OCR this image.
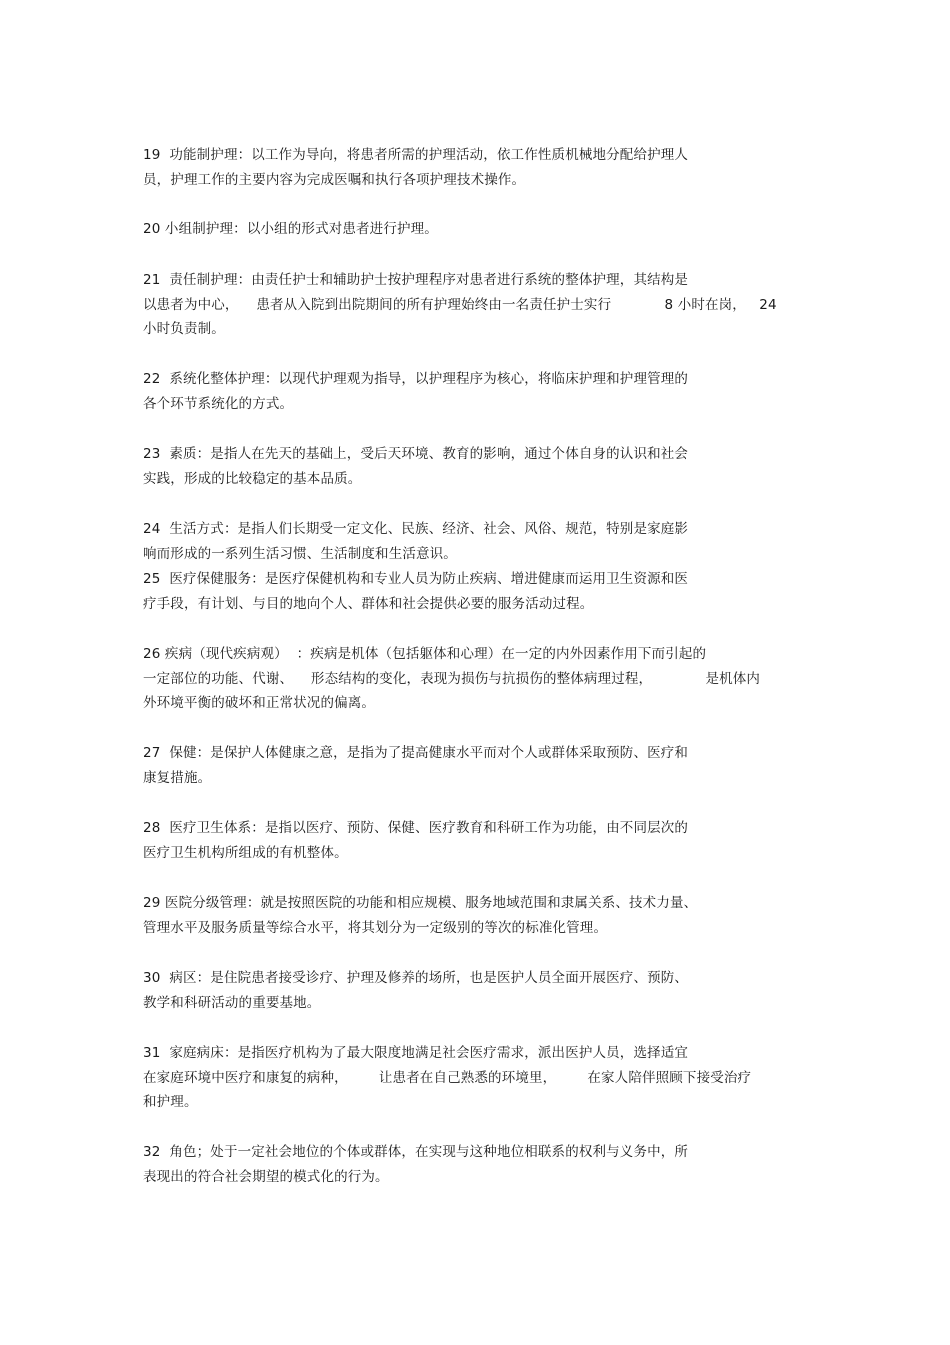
19  功能制护理：以工作为导向，将患者所需的护理活动，依工作性质机械地分配给护理人
员，护理工作的主要内容为完成医嘱和执行各项护理技术操作。
20 小组制护理：以小组的形式对患者进行护理。
21  责任制护理：由责任护士和辅助护士按护理程序对患者进行系统的整体护理，其结构是
以患者为中心，    患者从入院到出院期间的所有护理始终由一名责任护士实行            8 小时在岗，   24
小时负责制。
22  系统化整体护理：以现代护理观为指导，以护理程序为核心，将临床护理和护理管理的
各个环节系统化的方式。
23  素质：是指人在先天的基础上，受后天环境、教育的影响，通过个体自身的认识和社会
实践，形成的比较稳定的基本品质。
24  生活方式：是指人们长期受一定文化、民族、经济、社会、风俗、规范，特别是家庭影
响而形成的一系列生活习惯、生活制度和生活意识。
25  医疗保健服务：是医疗保健机构和专业人员为防止疾病、增进健康而运用卫生资源和医
疗手段，有计划、与目的地向个人、群体和社会提供必要的服务活动过程。
26 疾病（现代疾病观）  ：疾病是机体（包括躯体和心理）在一定的内外因素作用下而引起的
一定部位的功能、代谢、    形态结构的变化，表现为损伤与抗损伤的整体病理过程，            是机体内
外环境平衡的破坏和正常状况的偏离。
27  保健：是保护人体健康之意，是指为了提高健康水平而对个人或群体采取预防、医疗和
康复措施。
28  医疗卫生体系：是指以医疗、预防、保健、医疗教育和科研工作为功能，由不同层次的
医疗卫生机构所组成的有机整体。
29 医院分级管理：就是按照医院的功能和相应规模、服务地域范围和隶属关系、技术力量、
管理水平及服务质量等综合水平，将其划分为一定级别的等次的标准化管理。
30  病区：是住院患者接受诊疗、护理及修养的场所，也是医护人员全面开展医疗、预防、
教学和科研活动的重要基地。
31  家庭病床：是指医疗机构为了最大限度地满足社会医疗需求，派出医护人员，选择适宜
在家庭环境中医疗和康复的病种，       让患者在自己熟悉的环境里，       在家人陪伴照顾下接受治疗
和护理。
32  角色；处于一定社会地位的个体或群体，在实现与这种地位相联系的权利与义务中，所
表现出的符合社会期望的模式化的行为。
